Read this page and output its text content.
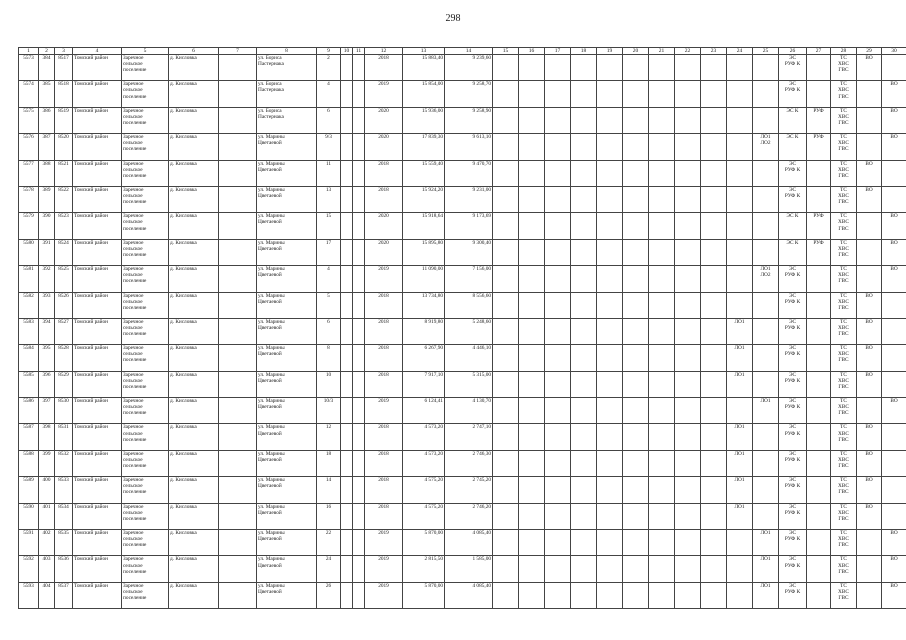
298
1	2	3	4	5	6	7	8	9	10	11	12	13	14	15	16	17	18	19	20	21	22	23	24	25	26	27	28	29	30
5573	384	8517	Томский район	Заречное
сельское
поселение	д. Кисловка		ул. Бориса
Пастернака	2			2018	15 883,40	9 239,60												ЭС
РУФ К		ТС
ХВС
ГВС	ВО	
5574	385	8518	Томский район	Заречное
сельское
поселение	д. Кисловка		ул. Бориса
Пастернака	4			2019	15 854,00	9 258,70												ЭС
РУФ К		ТС
ХВС
ГВС		ВО
5575	386	8519	Томский район	Заречное
сельское
поселение	д. Кисловка		ул. Бориса
Пастернака	6			2020	15 936,00	9 258,90												ЭС К	РУФ	ТС
ХВС
ГВС		ВО
5576	387	8520	Томский район	Заречное
сельское
поселение	д. Кисловка		ул. Марины
Цветаевой	9/3			2020	17 839,30	9 613,10											ЛО1
ЛО2	ЭС К	РУФ	ТС
ХВС
ГВС		ВО
5577	388	8521	Томский район	Заречное
сельское
поселение	д. Кисловка		ул. Марины
Цветаевой	11			2018	15 559,40	9 470,70												ЭС
РУФ К		ТС
ХВС
ГВС	ВО	
5578	389	8522	Томский район	Заречное
сельское
поселение	д. Кисловка		ул. Марины
Цветаевой	13			2018	15 924,20	9 231,00												ЭС
РУФ К		ТС
ХВС
ГВС	ВО	
5579	390	8523	Томский район	Заречное
сельское
поселение	д. Кисловка		ул. Марины
Цветаевой	15			2020	15 918,64	9 173,69												ЭС К	РУФ	ТС
ХВС
ГВС		ВО
5580	391	8524	Томский район	Заречное
сельское
поселение	д. Кисловка		ул. Марины
Цветаевой	17			2020	15 895,80	9 300,40												ЭС К	РУФ	ТС
ХВС
ГВС		ВО
5581	392	8525	Томский район	Заречное
сельское
поселение	д. Кисловка		ул. Марины
Цветаевой	4			2019	11 090,00	7 156,00											ЛО1
ЛО2	ЭС
РУФ К		ТС
ХВС
ГВС		ВО
5582	393	8526	Томский район	Заречное
сельское
поселение	д. Кисловка		ул. Марины
Цветаевой	5			2018	13 734,80	8 556,60												ЭС
РУФ К		ТС
ХВС
ГВС	ВО	
5583	394	8527	Томский район	Заречное
сельское
поселение	д. Кисловка		ул. Марины
Цветаевой	6			2018	8 919,80	5 248,60										ЛО1		ЭС
РУФ К		ТС
ХВС
ГВС	ВО	
5584	395	8528	Томский район	Заречное
сельское
поселение	д. Кисловка		ул. Марины
Цветаевой	8			2018	6 267,90	4 446,10										ЛО1		ЭС
РУФ К		ТС
ХВС
ГВС	ВО	
5585	396	8529	Томский район	Заречное
сельское
поселение	д. Кисловка		ул. Марины
Цветаевой	10			2018	7 917,10	5 315,00										ЛО1		ЭС
РУФ К		ТС
ХВС
ГВС	ВО	
5586	397	8530	Томский район	Заречное
сельское
поселение	д. Кисловка		ул. Марины
Цветаевой	10/3			2019	6 124,41	4 130,70											ЛО1	ЭС
РУФ К		ТС
ХВС
ГВС		ВО
5587	398	8531	Томский район	Заречное
сельское
поселение	д. Кисловка		ул. Марины
Цветаевой	12			2018	4 573,20	2 747,10										ЛО1		ЭС
РУФ К		ТС
ХВС
ГВС	ВО	
5588	399	8532	Томский район	Заречное
сельское
поселение	д. Кисловка		ул. Марины
Цветаевой	18			2018	4 573,20	2 746,30										ЛО1		ЭС
РУФ К		ТС
ХВС
ГВС	ВО	
5589	400	8533	Томский район	Заречное
сельское
поселение	д. Кисловка		ул. Марины
Цветаевой	14			2018	4 575,20	2 745,20										ЛО1		ЭС
РУФ К		ТС
ХВС
ГВС	ВО	
5590	401	8534	Томский район	Заречное
сельское
поселение	д. Кисловка		ул. Марины
Цветаевой	16			2018	4 575,20	2 746,20										ЛО1		ЭС
РУФ К		ТС
ХВС
ГВС	ВО	
5591	402	8535	Томский район	Заречное
сельское
поселение	д. Кисловка		ул. Марины
Цветаевой	22			2019	5 870,00	4 085,40											ЛО1	ЭС
РУФ К		ТС
ХВС
ГВС		ВО
5592	403	8536	Томский район	Заречное
сельское
поселение	д. Кисловка		ул. Марины
Цветаевой	24			2019	2 815,50	1 585,00											ЛО1	ЭС
РУФ К		ТС
ХВС
ГВС		ВО
5593	404	8537	Томский район	Заречное
сельское
поселение	д. Кисловка		ул. Марины
Цветаевой	26			2019	5 870,00	4 085,40											ЛО1	ЭС
РУФ К		ТС
ХВС
ГВС		ВО
